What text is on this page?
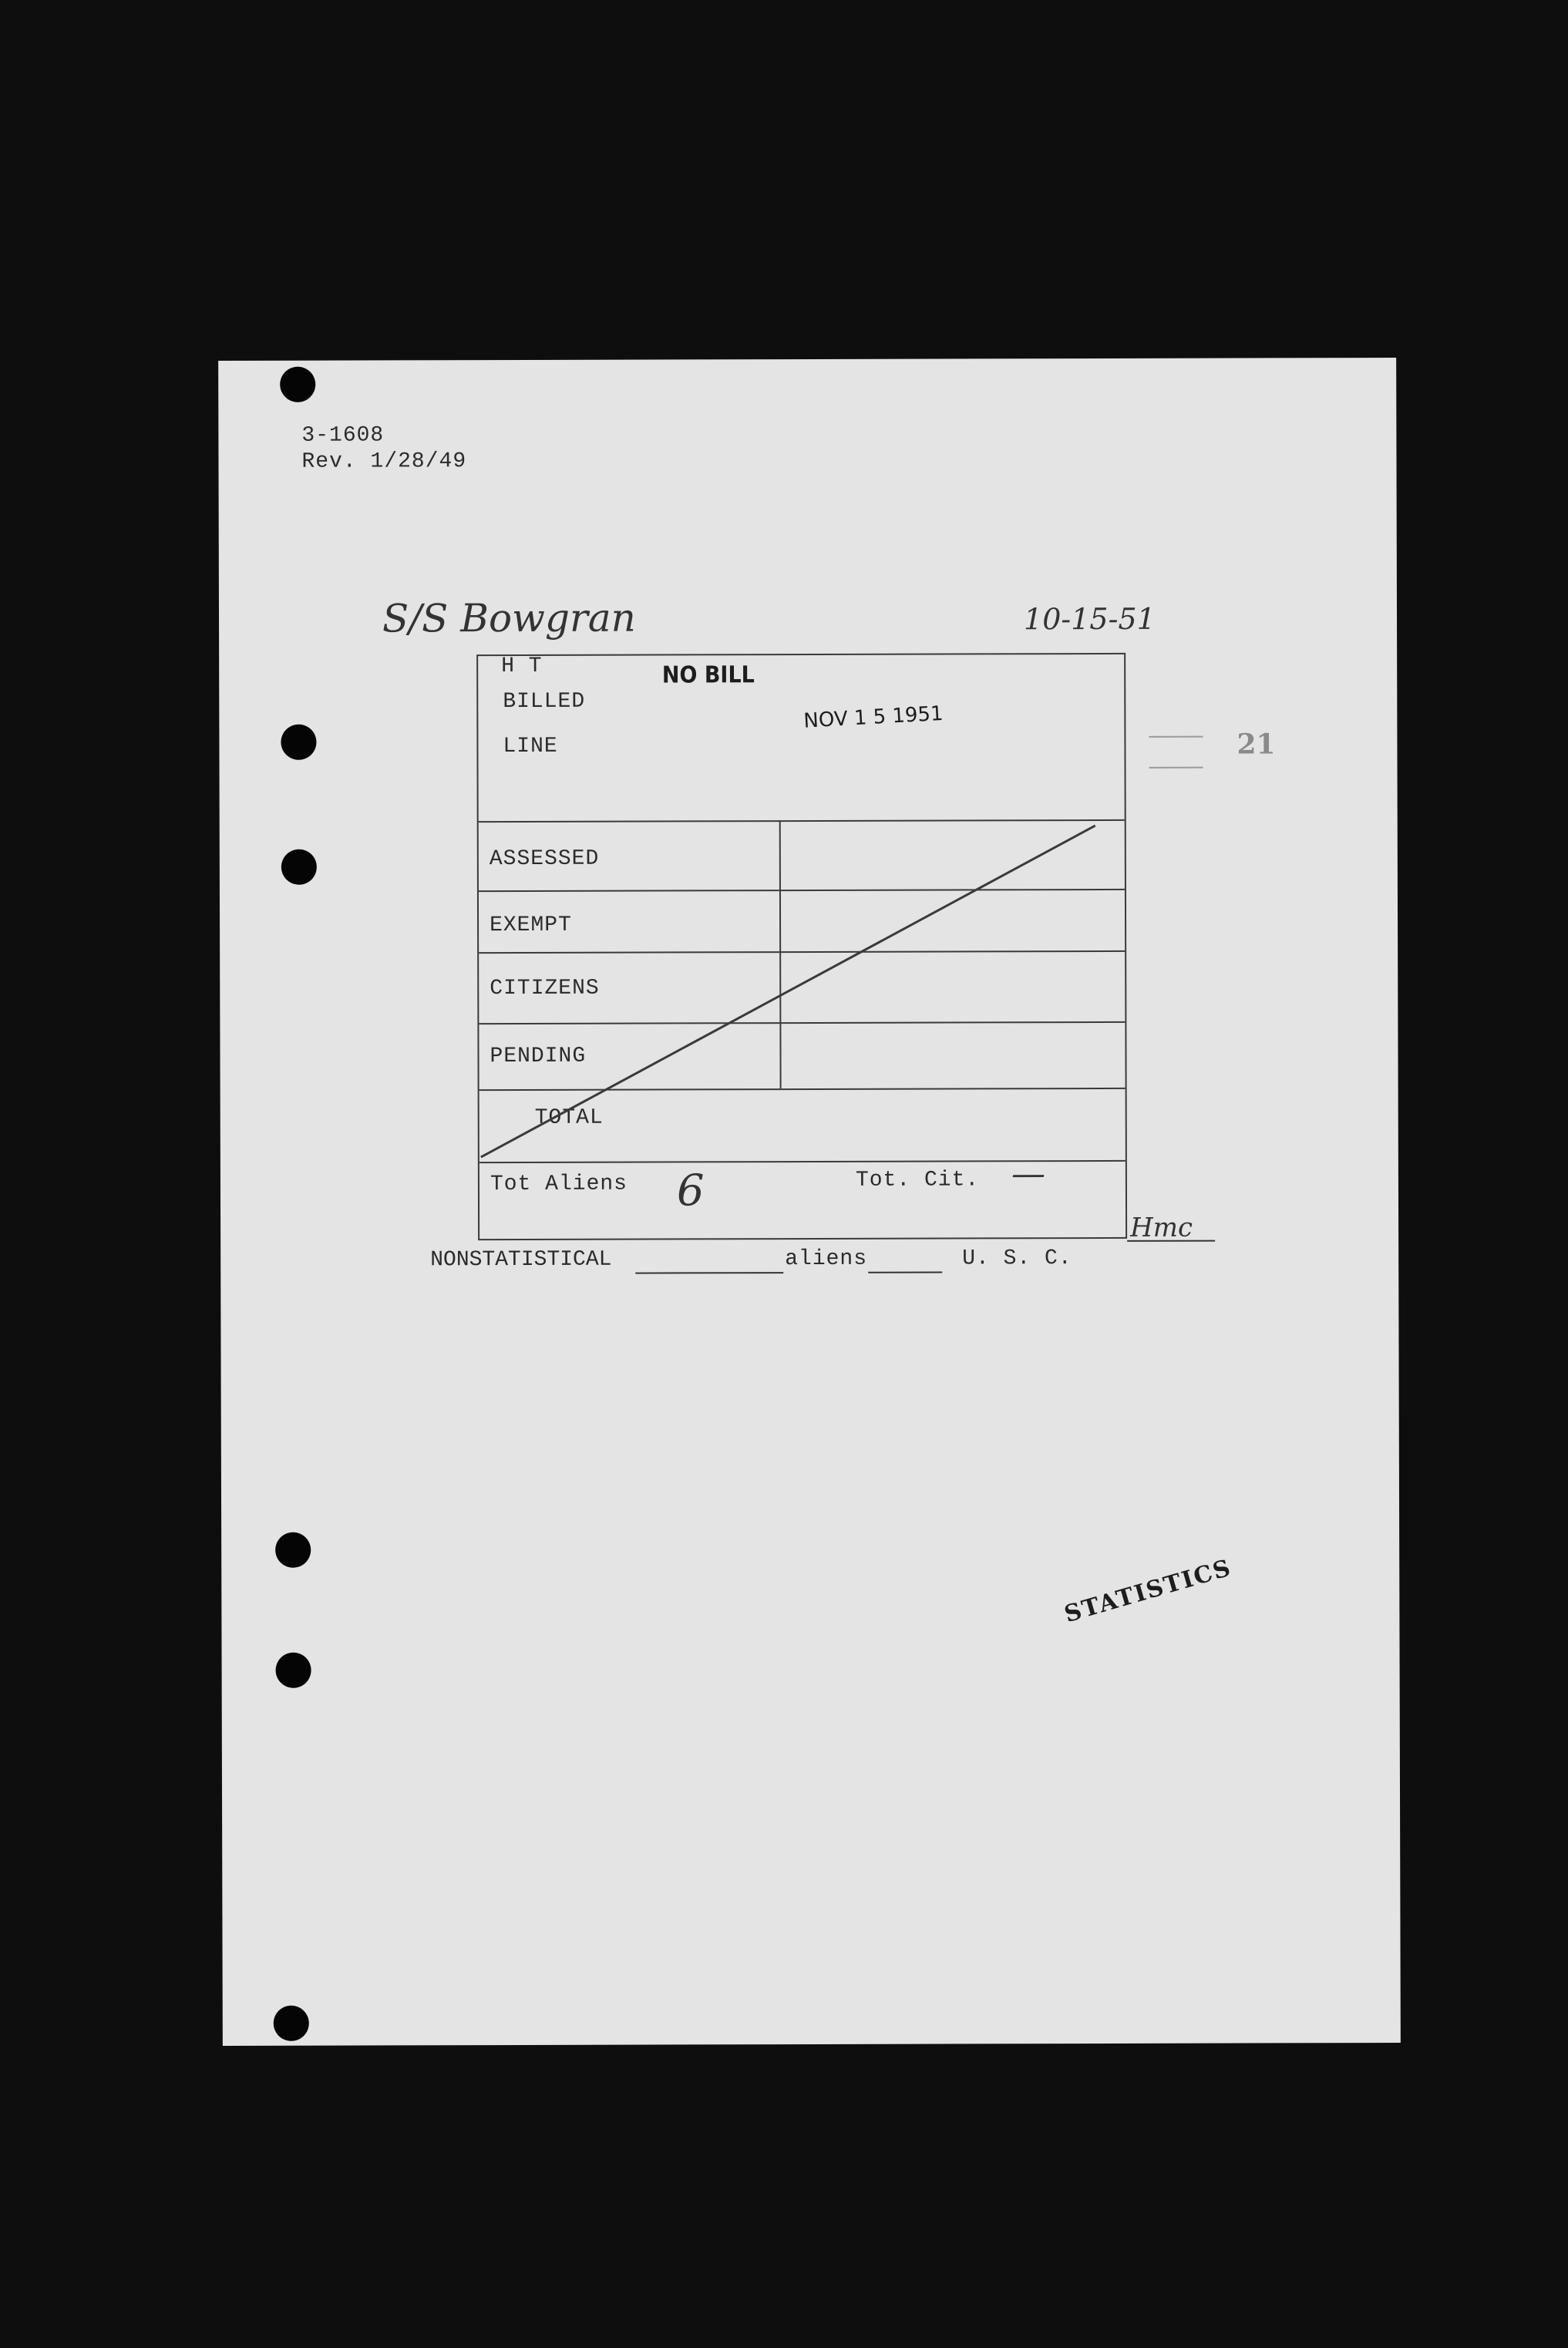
3-1608
Rev. 1/28/49
S/S Bowgran	10-15-51
21
H T
BILLED
LINE
NO BILL
NOV 1 5 1951
ASSESSED
EXEMPT
CITIZENS
PENDING
TOTAL
Tot Aliens 6	Tot. Cit. —
Hmc
NONSTATISTICAL	aliens	U. S. C.
STATISTICS
